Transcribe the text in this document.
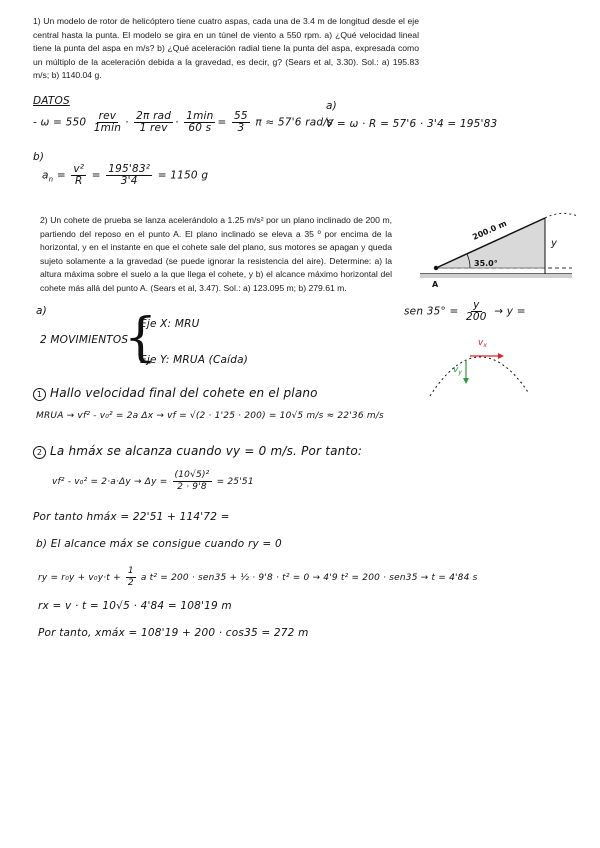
1) Un modelo de rotor de helicóptero tiene cuatro aspas, cada una de 3.4 m de longitud desde el eje central hasta la punta. El modelo se gira en un túnel de viento a 550 rpm. a) ¿Qué velocidad lineal tiene la punta del aspa en m/s? b) ¿Qué aceleración radial tiene la punta del aspa, expresada como un múltiplo de la aceleración debida a la gravedad, es decir, g? (Sears et al, 3.30). Sol.: a) 195.83 m/s; b) 1140.04 g.
DATOS
- $\omega = 550 \frac{\text{rev}}{1\min} \cdot \frac{\text{2π rad}}{\text{1 rev}} \cdot \frac{1\min}{60 s} = \frac{55}{3}$ π ≈ 57'6 rad/s
a)
V = ω · R = 57'6 · 3'4 = 195'83
b)
$a_n = \frac{\text{v²}}{R} = \frac{\text{195'83²}}{3'4} = 1150$ g
2) Un cohete de prueba se lanza acelerándolo a 1.25 m/s² por un plano inclinado de 200 m, partiendo del reposo en el punto A. El plano inclinado se eleva a 35 º por encima de la horizontal, y en el instante en que el cohete sale del plano, sus motores se apagan y queda sujeto solamente a la gravedad (se puede ignorar la resistencia del aire). Determine: a) la altura máxima sobre el suelo a la que llega el cohete, y b) el alcance máximo horizontal del cohete más allá del punto A. (Sears et al, 3.47). Sol.: a) 123.095 m; b) 279.61 m.
200.0 m
35.0°
A
y
a)	sen $35^\circ = \frac{y}{200} \to y$ =
2 MOVIMIENTOS
{
Eje X: MRU
Eje Y: MRUA (Caída)
$v_x$
$v_y$
1 Hallo velocidad final del cohete en el plano
MRUA → vf² - v₀² = 2a Δx → vf = √(2 · 1'25 · 200) = 10√5 m/s ≈ 22'36 m/s
2 La hmáx se alcanza cuando vy = 0 m/s. Por tanto:
$vf^2 - v_0^2 = 2\cdot a\cdot\Delta y \to \Delta y = \frac{\text{(10√5)²}}{2 \cdot 9'8} = 25'51$
Por tanto hmáx = 22'51 + 114'72 =
b) El alcance máx se consigue cuando ry = 0
ry = $r_0y + v_0y\cdot t + \frac{1}{2}$ a t² = 200 · sen35 + ½ · 9'8 · t² = 0 → 4'9 t² = 200 · sen35 → t = 4'84 s
rx = v · t = 10√5 · 4'84 = 108'19 m
Por tanto, xmáx = 108'19 + 200 · cos35 = 272 m
